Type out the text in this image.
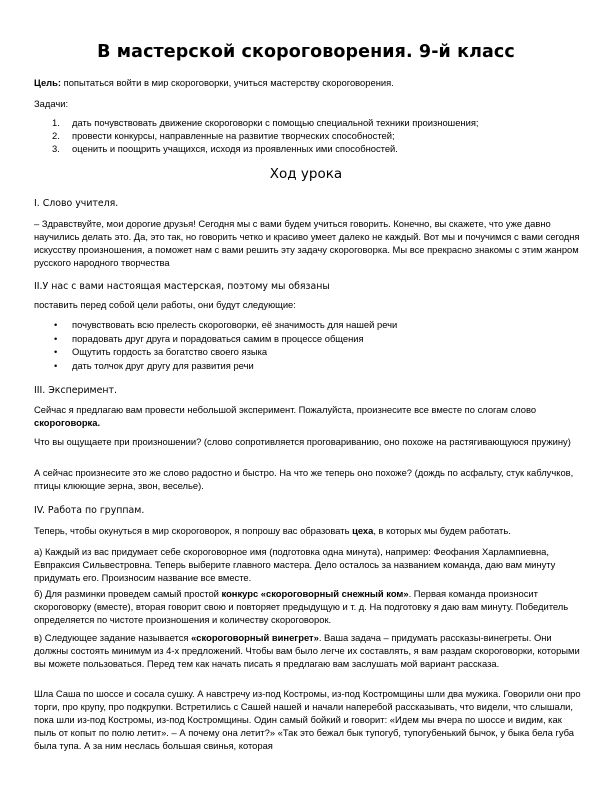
В мастерской скороговорения. 9-й класс
Цель: попытаться войти в мир скороговорки, учиться мастерству скороговорения.
Задачи:
1. дать почувствовать движение скороговорки с помощью специальной техники произношения;
2. провести конкурсы, направленные на развитие творческих способностей;
3. оценить и поощрить учащихся, исходя из проявленных ими способностей.
Ход урока
I. Слово учителя.
– Здравствуйте, мои дорогие друзья! Сегодня мы с вами будем учиться говорить. Конечно, вы скажете, что уже давно научились делать это. Да, это так, но говорить четко и красиво умеет далеко не каждый. Вот мы и почучимся с вами сегодня искусству произношения, а поможет нам с вами решить эту задачу скороговорка. Мы все прекрасно знакомы с этим жанром русского народного творчества
II.У нас с вами настоящая мастерская, поэтому мы обязаны
поставить перед собой цели работы, они будут следующие:
• почувствовать всю прелесть скороговорки, её значимость для нашей речи
• порадовать друг друга и порадоваться самим в процессе общения
• Ощутить гордость за богатство своего языка
• дать толчок друг другу для развития речи
III. Эксперимент.
Сейчас я предлагаю вам провести небольшой эксперимент. Пожалуйста, произнесите все вместе по слогам слово скороговорка.
Что вы ощущаете при произношении? (слово сопротивляется проговариванию, оно похоже на растягивающуюся пружину)
А сейчас произнесите это же слово радостно и быстро. На что же теперь оно похоже? (дождь по асфальту, стук каблучков, птицы клюющие зерна, звон, веселье).
IV. Работа по группам.
Теперь, чтобы окунуться в мир скороговорок, я попрошу вас образовать цеха, в которых мы будем работать.
а) Каждый из вас придумает себе скороговорное имя (подготовка одна минута), например: Феофания Харлампиевна, Евпраксия Сильвестровна. Теперь выберите главного мастера. Дело осталось за названием команда, даю вам минуту придумать его. Произносим название все вместе.
б) Для разминки проведем самый простой конкурс «скороговорный снежный ком». Первая команда произносит скороговорку (вместе), вторая говорит свою и повторяет предыдущую и т. д. На подготовку я даю вам минуту. Победитель определяется по чистоте произношения и количеству скороговорок.
в) Следующее задание называется «скороговорный винегрет». Ваша задача – придумать рассказы-винегреты. Они должны состоять минимум из 4-х предложений. Чтобы вам было легче их составлять, я вам раздам скороговорки, которыми вы можете пользоваться. Перед тем как начать писать я предлагаю вам заслушать мой вариант рассказа.
Шла Саша по шоссе и сосала сушку. А навстречу из-под Костромы, из-под Костромщины шли два мужика. Говорили они про торги, про крупу, про подкрупки. Встретились с Сашей нашей и начали наперебой рассказывать, что видели, что слышали, пока шли из-под Костромы, из-под Костромщины. Один самый бойкий и говорит: «Идем мы вчера по шоссе и видим, как пыль от копыт по полю летит». – А почему она летит?» «Так это бежал бык тупогуб, тупогубенький бычок, у быка бела губа была тупа. А за ним неслась большая свинья, которая
